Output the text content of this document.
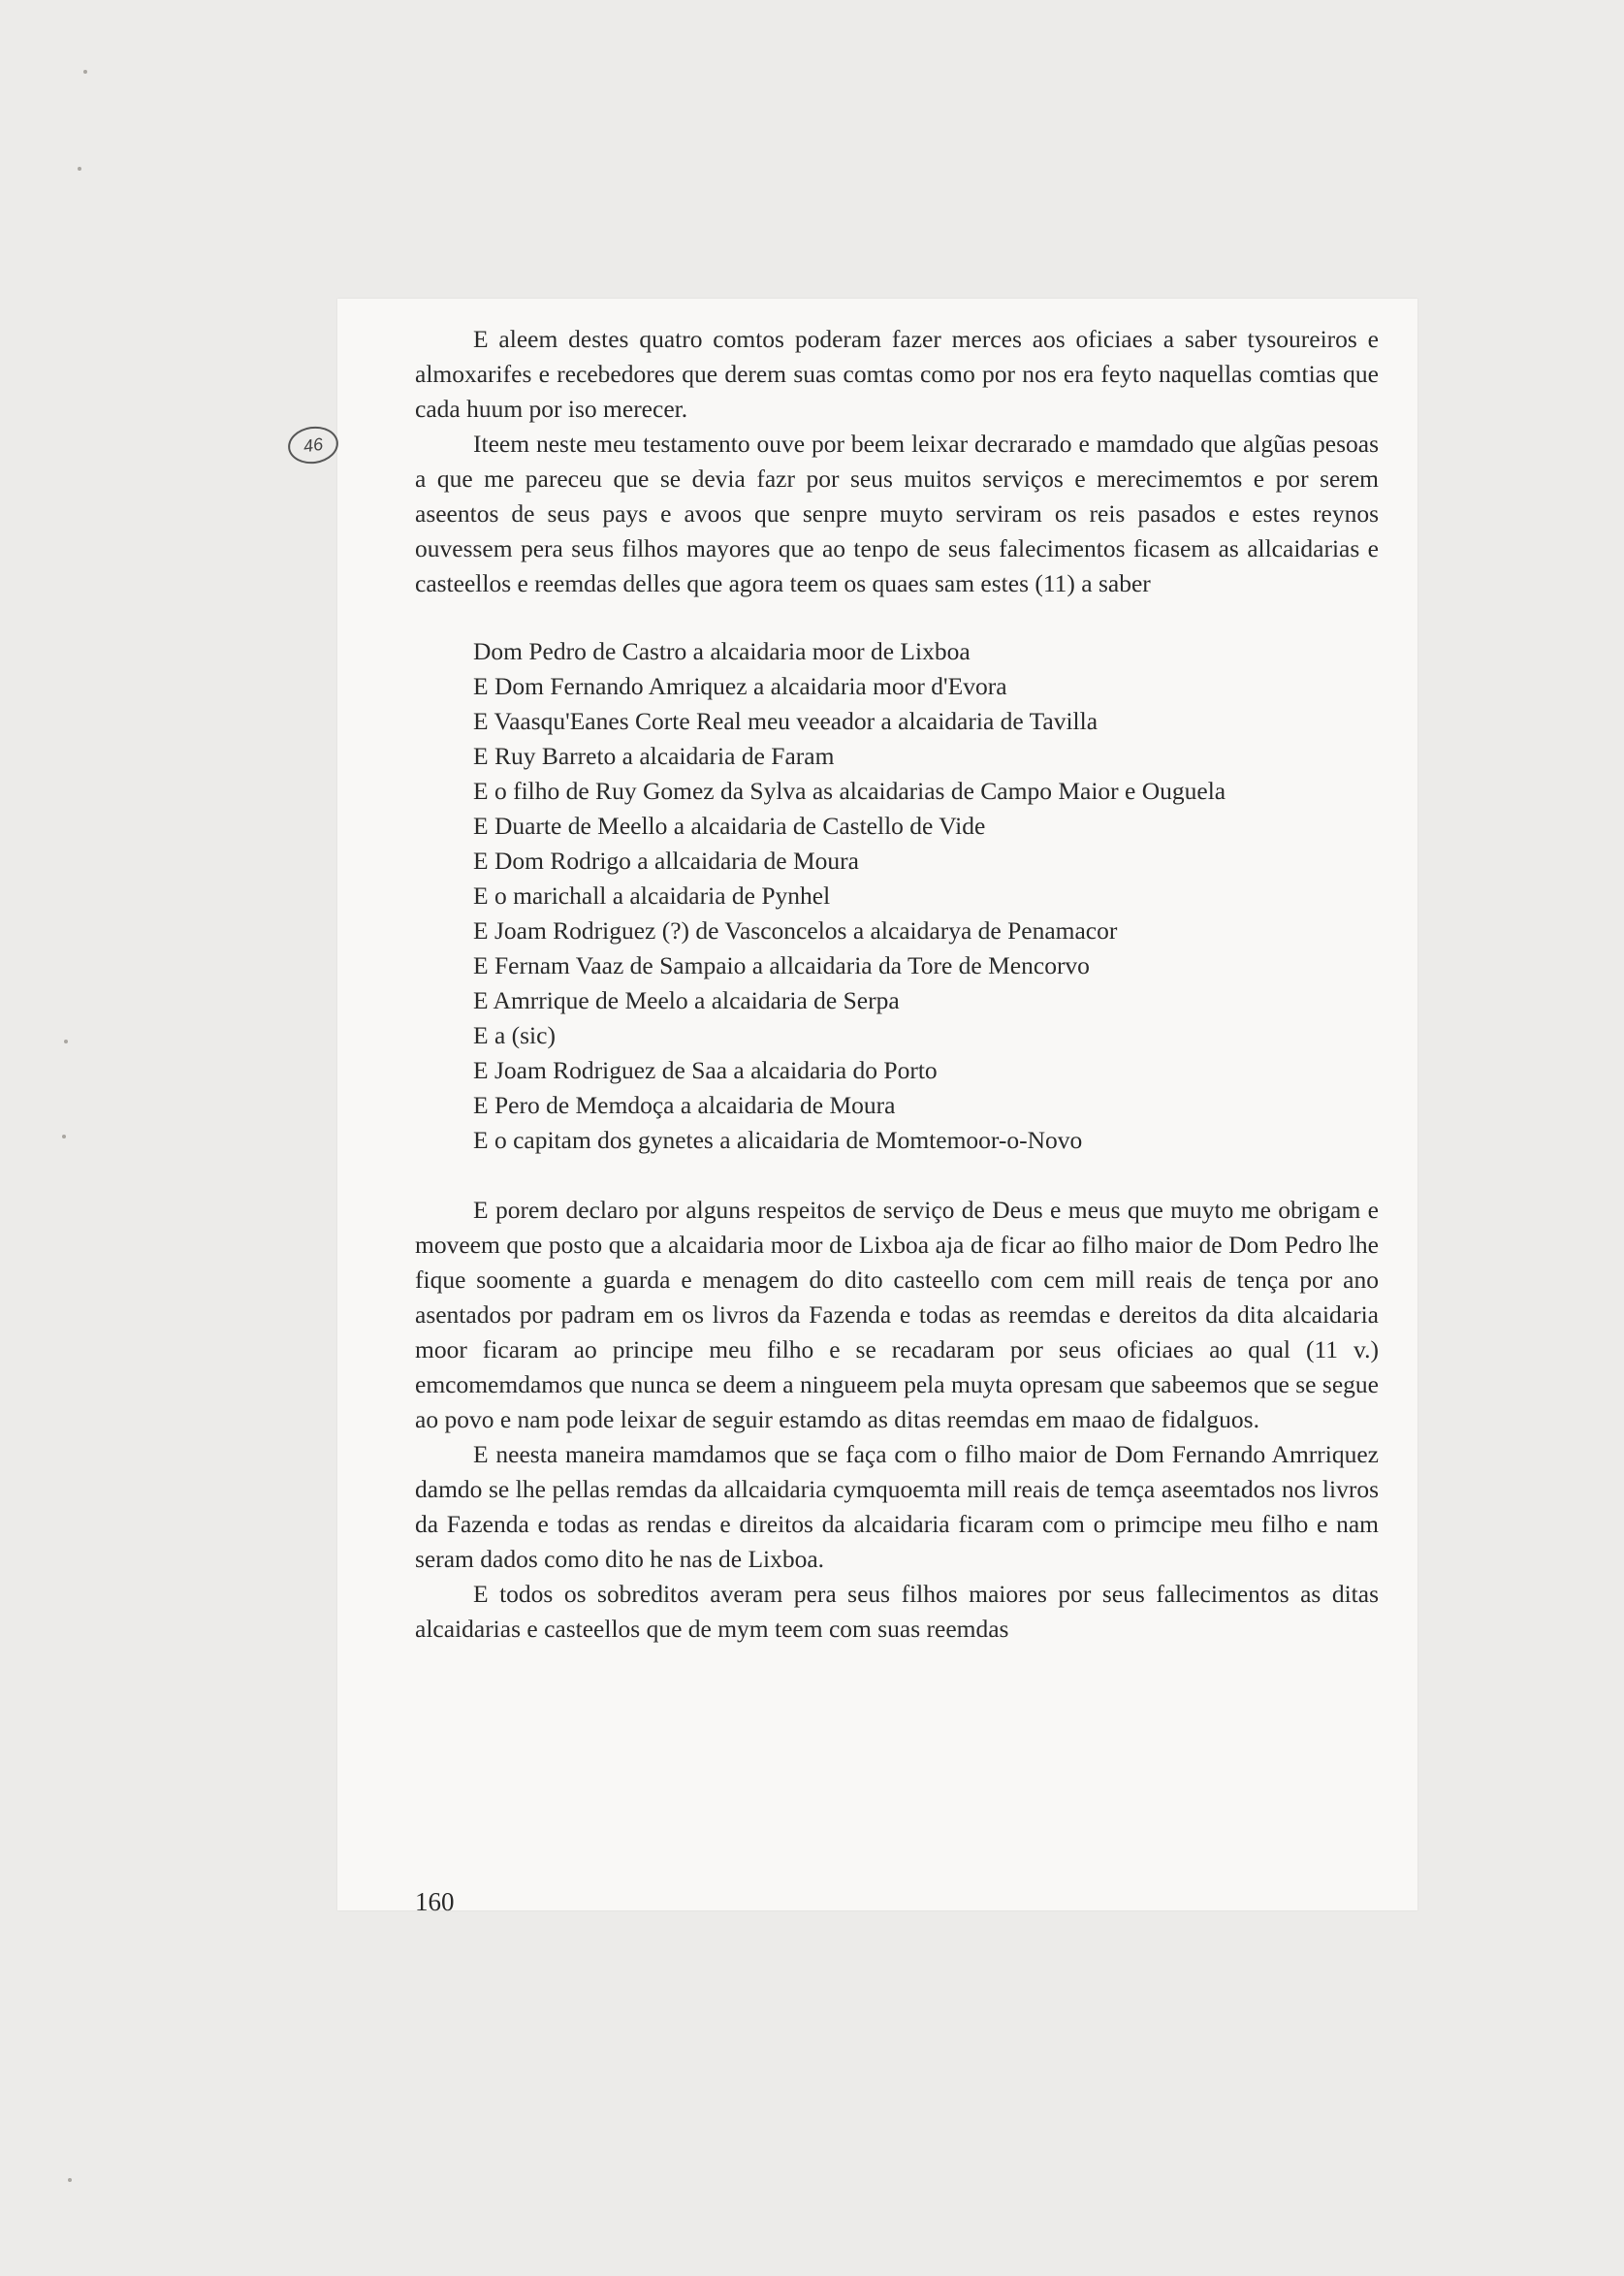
46

E aleem destes quatro comtos poderam fazer merces aos oficiaes a saber tysoureiros e almoxarifes e recebedores que derem suas comtas como por nos era feyto naquellas comtias que cada huum por iso merecer.

Iteem neste meu testamento ouve por beem leixar decrarado e mamdado que algũas pesoas a que me pareceu que se devia fazr por seus muitos serviços e merecimemtos e por serem aseentos de seus pays e avoos que senpre muyto serviram os reis pasados e estes reynos ouvessem pera seus filhos mayores que ao tenpo de seus falecimentos ficasem as allcaidarias e casteellos e reemdas delles que agora teem os quaes sam estes (11) a saber

Dom Pedro de Castro a alcaidaria moor de Lixboa
E Dom Fernando Amriquez a alcaidaria moor d'Evora
E Vaasqu'Eanes Corte Real meu veeador a alcaidaria de Tavilla
E Ruy Barreto a alcaidaria de Faram
E o filho de Ruy Gomez da Sylva as alcaidarias de Campo Maior e Ouguela
E Duarte de Meello a alcaidaria de Castello de Vide
E Dom Rodrigo a allcaidaria de Moura
E o marichall a alcaidaria de Pynhel
E Joam Rodriguez (?) de Vasconcelos a alcaidarya de Penamacor
E Fernam Vaaz de Sampaio a allcaidaria da Tore de Mencorvo
E Amrrique de Meelo a alcaidaria de Serpa
E a (sic)
E Joam Rodriguez de Saa a alcaidaria do Porto
E Pero de Memdoça a alcaidaria de Moura
E o capitam dos gynetes a alicaidaria de Momtemoor-o-Novo

E porem declaro por alguns respeitos de serviço de Deus e meus que muyto me obrigam e moveem que posto que a alcaidaria moor de Lixboa aja de ficar ao filho maior de Dom Pedro lhe fique soomente a guarda e menagem do dito casteello com cem mill reais de tença por ano asentados por padram em os livros da Fazenda e todas as reemdas e dereitos da dita alcaidaria moor ficaram ao principe meu filho e se recadaram por seus oficiaes ao qual (11 v.) emcomemdamos que nunca se deem a ningueem pela muyta opresam que sabeemos que se segue ao povo e nam pode leixar de seguir estamdo as ditas reemdas em maao de fidalguos.

E neesta maneira mamdamos que se faça com o filho maior de Dom Fernando Amrriquez damdo se lhe pellas remdas da allcaidaria cymquoemta mill reais de temça aseemtados nos livros da Fazenda e todas as rendas e direitos da alcaidaria ficaram com o primcipe meu filho e nam seram dados como dito he nas de Lixboa.

E todos os sobreditos averam pera seus filhos maiores por seus fallecimentos as ditas alcaidarias e casteellos que de mym teem com suas reemdas

160
